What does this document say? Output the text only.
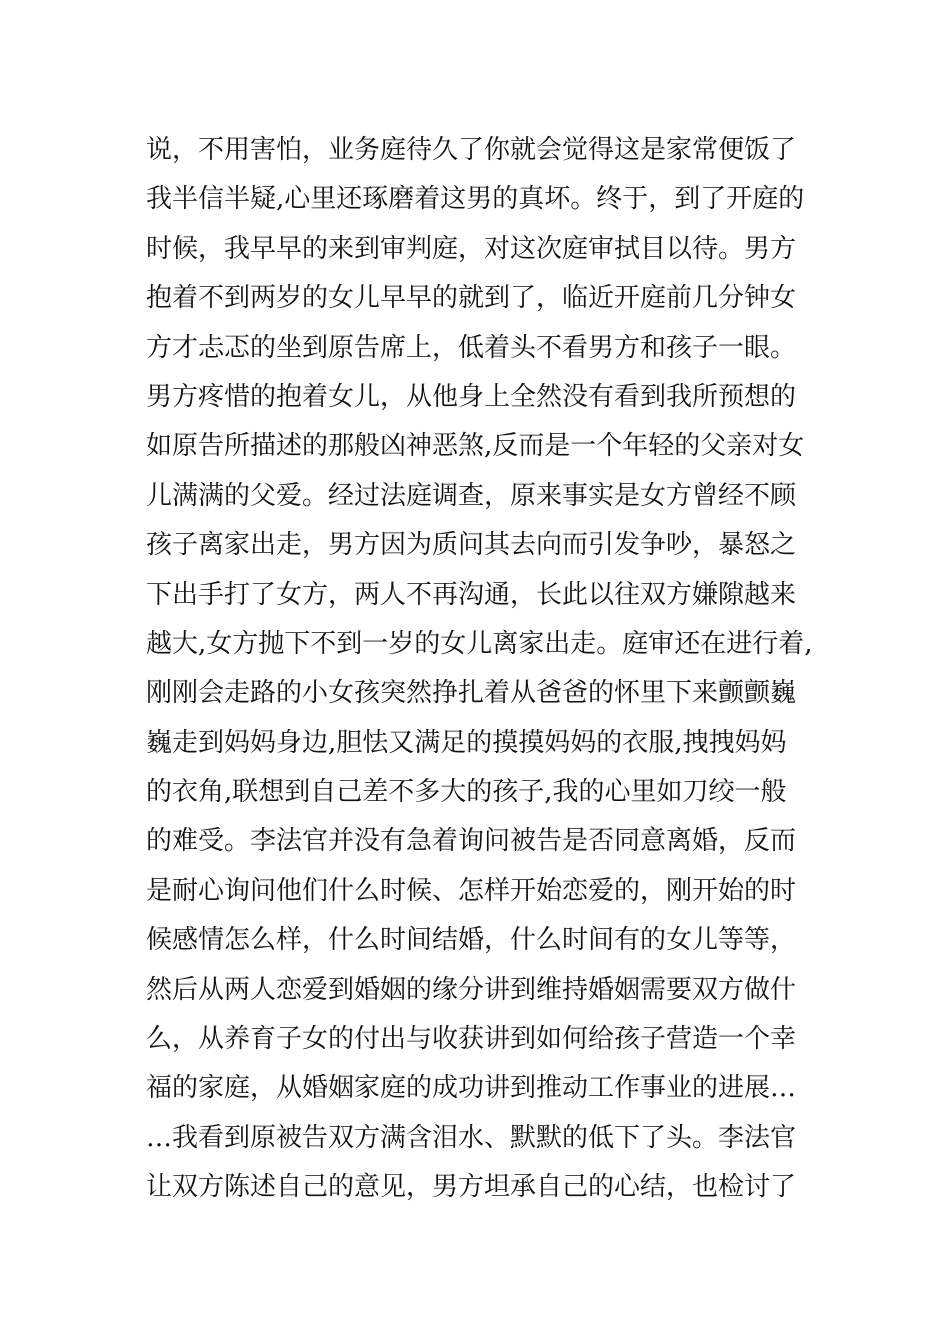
说，不用害怕，业务庭待久了你就会觉得这是家常便饭了
我半信半疑,心里还琢磨着这男的真坏。终于，到了开庭的
时候，我早早的来到审判庭，对这次庭审拭目以待。男方
抱着不到两岁的女儿早早的就到了，临近开庭前几分钟女
方才忐忑的坐到原告席上，低着头不看男方和孩子一眼。
男方疼惜的抱着女儿，从他身上全然没有看到我所预想的
如原告所描述的那般凶神恶煞,反而是一个年轻的父亲对女
儿满满的父爱。经过法庭调查，原来事实是女方曾经不顾
孩子离家出走，男方因为质问其去向而引发争吵，暴怒之
下出手打了女方，两人不再沟通，长此以往双方嫌隙越来
越大,女方抛下不到一岁的女儿离家出走。庭审还在进行着,
刚刚会走路的小女孩突然挣扎着从爸爸的怀里下来颤颤巍
巍走到妈妈身边,胆怯又满足的摸摸妈妈的衣服,拽拽妈妈
的衣角,联想到自己差不多大的孩子,我的心里如刀绞一般
的难受。李法官并没有急着询问被告是否同意离婚，反而
是耐心询问他们什么时候、怎样开始恋爱的，刚开始的时
候感情怎么样，什么时间结婚，什么时间有的女儿等等，
然后从两人恋爱到婚姻的缘分讲到维持婚姻需要双方做什
么，从养育子女的付出与收获讲到如何给孩子营造一个幸
福的家庭，从婚姻家庭的成功讲到推动工作事业的进展…
…我看到原被告双方满含泪水、默默的低下了头。李法官
让双方陈述自己的意见，男方坦承自己的心结，也检讨了
